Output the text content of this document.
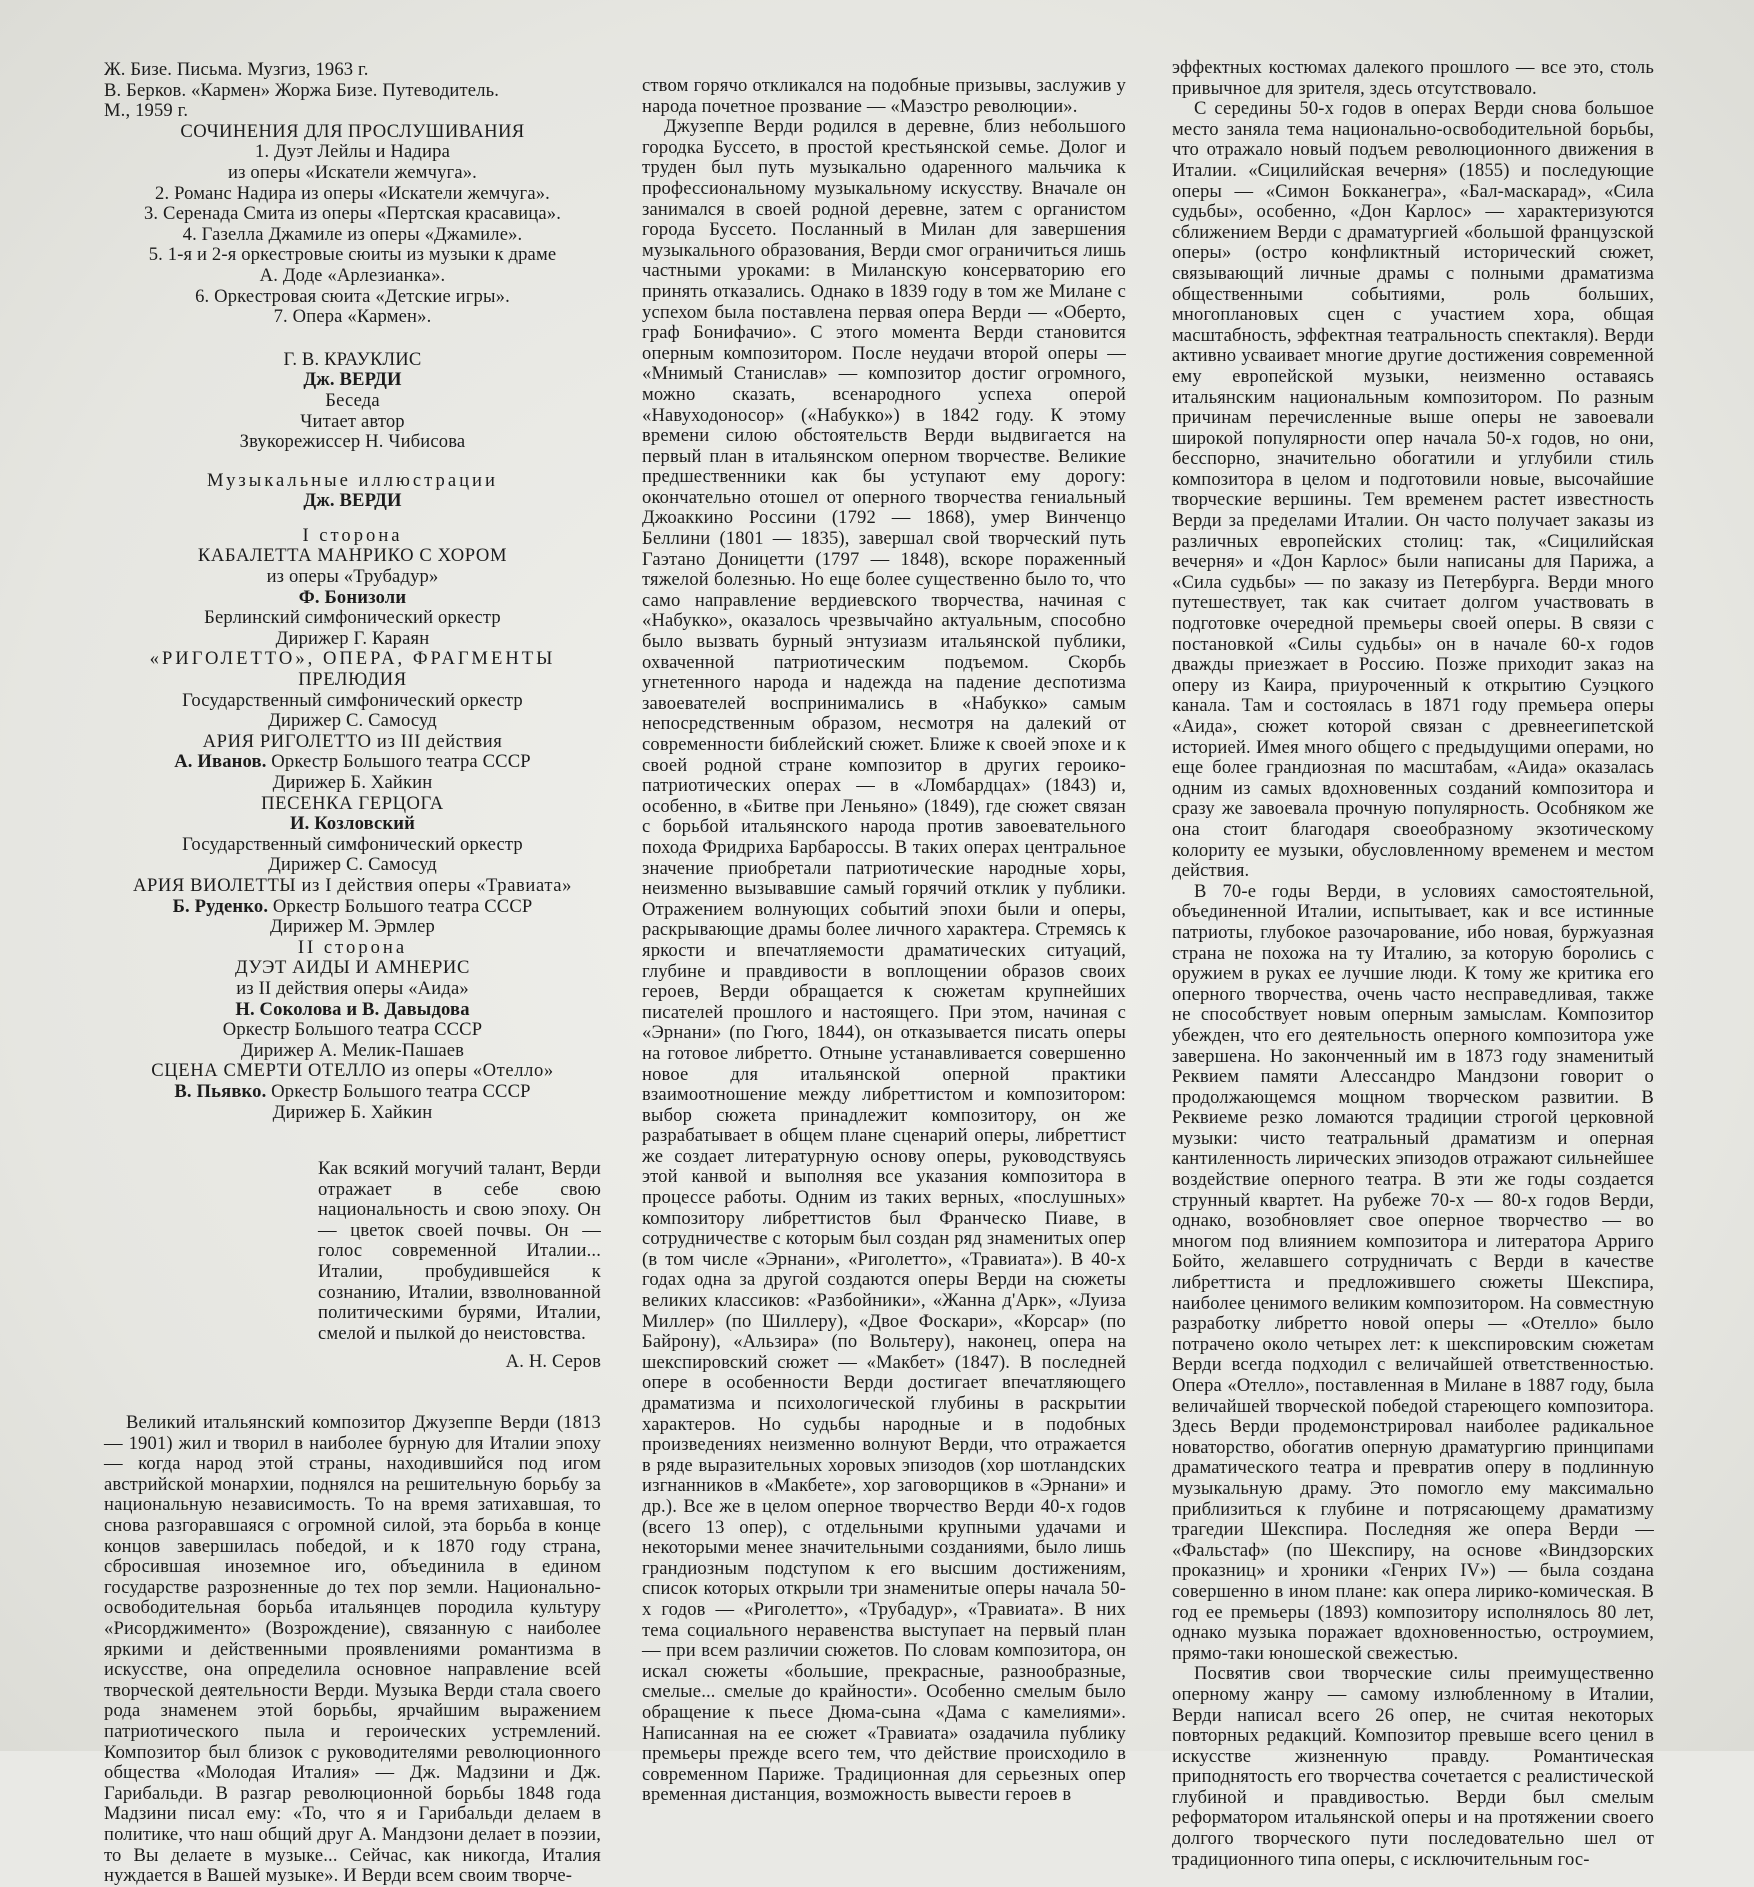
Ж. Бизе. Письма. Музгиз, 1963 г.
В. Берков. «Кармен» Жоржа Бизе. Путеводитель.
М., 1959 г.
СОЧИНЕНИЯ ДЛЯ ПРОСЛУШИВАНИЯ
1. Дуэт Лейлы и Надира
из оперы «Искатели жемчуга».
2. Романс Надира из оперы «Искатели жемчуга».
3. Серенада Смита из оперы «Пертская красавица».
4. Газелла Джамиле из оперы «Джамиле».
5. 1-я и 2-я оркестровые сюиты из музыки к драме
А. Доде «Арлезианка».
6. Оркестровая сюита «Детские игры».
7. Опера «Кармен».
Г. В. КРАУКЛИС
Дж. ВЕРДИ
Беседа
Читает автор
Звукорежиссер Н. Чибисова
Музыкальные иллюстрации
Дж. ВЕРДИ
I сторона
КАБАЛЕТТА МАНРИКО С ХОРОМ
из оперы «Трубадур»
Ф. Бонизоли
Берлинский симфонический оркестр
Дирижер Г. Караян
«РИГОЛЕТТО», ОПЕРА, ФРАГМЕНТЫ
ПРЕЛЮДИЯ
Государственный симфонический оркестр
Дирижер С. Самосуд
АРИЯ РИГОЛЕТТО из III действия
А. Иванов. Оркестр Большого театра СССР
Дирижер Б. Хайкин
ПЕСЕНКА ГЕРЦОГА
И. Козловский
Государственный симфонический оркестр
Дирижер С. Самосуд
АРИЯ ВИОЛЕТТЫ из I действия оперы «Травиата»
Б. Руденко. Оркестр Большого театра СССР
Дирижер М. Эрмлер
II сторона
ДУЭТ АИДЫ И АМНЕРИС
из II действия оперы «Аида»
Н. Соколова и В. Давыдова
Оркестр Большого театра СССР
Дирижер А. Мелик-Пашаев
СЦЕНА СМЕРТИ ОТЕЛЛО из оперы «Отелло»
В. Пьявко. Оркестр Большого театра СССР
Дирижер Б. Хайкин
Как всякий могучий талант, Верди отражает в себе свою национальность и свою эпоху. Он — цветок своей почвы. Он — голос современной Италии... Италии, пробудившейся к сознанию, Италии, взволнованной политическими бурями, Италии, смелой и пылкой до неистовства.
А. Н. Серов

Великий итальянский композитор Джузеппе Верди (1813 — 1901) жил и творил в наиболее бурную для Италии эпоху — когда народ этой страны, находившийся под игом австрийской монархии, поднялся на решительную борьбу за национальную независимость. То на время затихавшая, то снова разгоравшаяся с огромной силой, эта борьба в конце концов завершилась победой, и к 1870 году страна, сбросившая иноземное иго, объединила в едином государстве разрозненные до тех пор земли. Национально-освободительная борьба итальянцев породила культуру «Рисорджименто» (Возрождение), связанную с наиболее яркими и действенными проявлениями романтизма в искусстве, она определила основное направление всей творческой деятельности Верди. Музыка Верди стала своего рода знаменем этой борьбы, ярчайшим выражением патриотического пыла и героических устремлений. Композитор был близок с руководителями революционного общества «Молодая Италия» — Дж. Мадзини и Дж. Гарибальди. В разгар революционной борьбы 1848 года Мадзини писал ему: «То, что я и Гарибальди делаем в политике, что наш общий друг А. Мандзони делает в поэзии, то Вы делаете в музыке... Сейчас, как никогда, Италия нуждается в Вашей музыке». И Верди всем своим творче-

ством горячо откликался на подобные призывы, заслужив у народа почетное прозвание — «Маэстро революции».

Джузеппе Верди родился в деревне, близ небольшого городка Буссето, в простой крестьянской семье. Долог и труден был путь музыкально одаренного мальчика к профессиональному музыкальному искусству. Вначале он занимался в своей родной деревне, затем с органистом города Буссето. Посланный в Милан для завершения музыкального образования, Верди смог ограничиться лишь частными уроками: в Миланскую консерваторию его принять отказались. Однако в 1839 году в том же Милане с успехом была поставлена первая опера Верди — «Оберто, граф Бонифачио». С этого момента Верди становится оперным композитором. После неудачи второй оперы — «Мнимый Станислав» — композитор достиг огромного, можно сказать, всенародного успеха оперой «Навуходоносор» («Набукко») в 1842 году. К этому времени силою обстоятельств Верди выдвигается на первый план в итальянском оперном творчестве. Великие предшественники как бы уступают ему дорогу: окончательно отошел от оперного творчества гениальный Джоаккино Россини (1792 — 1868), умер Винченцо Беллини (1801 — 1835), завершал свой творческий путь Гаэтано Доницетти (1797 — 1848), вскоре пораженный тяжелой болезнью. Но еще более существенно было то, что само направление вердиевского творчества, начиная с «Набукко», оказалось чрезвычайно актуальным, способно было вызвать бурный энтузиазм итальянской публики, охваченной патриотическим подъемом. Скорбь угнетенного народа и надежда на падение деспотизма завоевателей воспринимались в «Набукко» самым непосредственным образом, несмотря на далекий от современности библейский сюжет. Ближе к своей эпохе и к своей родной стране композитор в других героико-патриотических операх — в «Ломбардцах» (1843) и, особенно, в «Битве при Леньяно» (1849), где сюжет связан с борьбой итальянского народа против завоевательного похода Фридриха Барбароссы. В таких операх центральное значение приобретали патриотические народные хоры, неизменно вызывавшие самый горячий отклик у публики. Отражением волнующих событий эпохи были и оперы, раскрывающие драмы более личного характера. Стремясь к яркости и впечатляемости драматических ситуаций, глубине и правдивости в воплощении образов своих героев, Верди обращается к сюжетам крупнейших писателей прошлого и настоящего. При этом, начиная с «Эрнани» (по Гюго, 1844), он отказывается писать оперы на готовое либретто. Отныне устанавливается совершенно новое для итальянской оперной практики взаимоотношение между либреттистом и композитором: выбор сюжета принадлежит композитору, он же разрабатывает в общем плане сценарий оперы, либреттист же создает литературную основу оперы, руководствуясь этой канвой и выполняя все указания композитора в процессе работы. Одним из таких верных, «послушных» композитору либреттистов был Франческо Пиаве, в сотрудничестве с которым был создан ряд знаменитых опер (в том числе «Эрнани», «Риголетто», «Травиата»). В 40-х годах одна за другой создаются оперы Верди на сюжеты великих классиков: «Разбойники», «Жанна д'Арк», «Луиза Миллер» (по Шиллеру), «Двое Фоскари», «Корсар» (по Байрону), «Альзира» (по Вольтеру), наконец, опера на шекспировский сюжет — «Макбет» (1847). В последней опере в особенности Верди достигает впечатляющего драматизма и психологической глубины в раскрытии характеров. Но судьбы народные и в подобных произведениях неизменно волнуют Верди, что отражается в ряде выразительных хоровых эпизодов (хор шотландских изгнанников в «Макбете», хор заговорщиков в «Эрнани» и др.). Все же в целом оперное творчество Верди 40-х годов (всего 13 опер), с отдельными крупными удачами и некоторыми менее значительными созданиями, было лишь грандиозным подступом к его высшим достижениям, список которых открыли три знаменитые оперы начала 50-х годов — «Риголетто», «Трубадур», «Травиата». В них тема социального неравенства выступает на первый план — при всем различии сюжетов. По словам композитора, он искал сюжеты «большие, прекрасные, разнообразные, смелые... смелые до крайности». Особенно смелым было обращение к пьесе Дюма-сына «Дама с камелиями». Написанная на ее сюжет «Травиата» озадачила публику премьеры прежде всего тем, что действие происходило в современном Париже. Традиционная для серьезных опер временная дистанция, возможность вывести героев в

эффектных костюмах далекого прошлого — все это, столь привычное для зрителя, здесь отсутствовало.

С середины 50-х годов в операх Верди снова большое место заняла тема национально-освободительной борьбы, что отражало новый подъем революционного движения в Италии. «Сицилийская вечерня» (1855) и последующие оперы — «Симон Бокканегра», «Бал-маскарад», «Сила судьбы», особенно, «Дон Карлос» — характеризуются сближением Верди с драматургией «большой французской оперы» (остро конфликтный исторический сюжет, связывающий личные драмы с полными драматизма общественными событиями, роль больших, многоплановых сцен с участием хора, общая масштабность, эффектная театральность спектакля). Верди активно усваивает многие другие достижения современной ему европейской музыки, неизменно оставаясь итальянским национальным композитором. По разным причинам перечисленные выше оперы не завоевали широкой популярности опер начала 50-х годов, но они, бесспорно, значительно обогатили и углубили стиль композитора в целом и подготовили новые, высочайшие творческие вершины. Тем временем растет известность Верди за пределами Италии. Он часто получает заказы из различных европейских столиц: так, «Сицилийская вечерня» и «Дон Карлос» были написаны для Парижа, а «Сила судьбы» — по заказу из Петербурга. Верди много путешествует, так как считает долгом участвовать в подготовке очередной премьеры своей оперы. В связи с постановкой «Силы судьбы» он в начале 60-х годов дважды приезжает в Россию. Позже приходит заказ на оперу из Каира, приуроченный к открытию Суэцкого канала. Там и состоялась в 1871 году премьера оперы «Аида», сюжет которой связан с древнеегипетской историей. Имея много общего с предыдущими операми, но еще более грандиозная по масштабам, «Аида» оказалась одним из самых вдохновенных созданий композитора и сразу же завоевала прочную популярность. Особняком же она стоит благодаря своеобразному экзотическому колориту ее музыки, обусловленному временем и местом действия.

В 70-е годы Верди, в условиях самостоятельной, объединенной Италии, испытывает, как и все истинные патриоты, глубокое разочарование, ибо новая, буржуазная страна не похожа на ту Италию, за которую боролись с оружием в руках ее лучшие люди. К тому же критика его оперного творчества, очень часто несправедливая, также не способствует новым оперным замыслам. Композитор убежден, что его деятельность оперного композитора уже завершена. Но законченный им в 1873 году знаменитый Реквием памяти Алессандро Мандзони говорит о продолжающемся мощном творческом развитии. В Реквиеме резко ломаются традиции строгой церковной музыки: чисто театральный драматизм и оперная кантиленность лирических эпизодов отражают сильнейшее воздействие оперного театра. В эти же годы создается струнный квартет. На рубеже 70-х — 80-х годов Верди, однако, возобновляет свое оперное творчество — во многом под влиянием композитора и литератора Арриго Бойто, желавшего сотрудничать с Верди в качестве либреттиста и предложившего сюжеты Шекспира, наиболее ценимого великим композитором. На совместную разработку либретто новой оперы — «Отелло» было потрачено около четырех лет: к шекспировским сюжетам Верди всегда подходил с величайшей ответственностью. Опера «Отелло», поставленная в Милане в 1887 году, была величайшей творческой победой стареющего композитора. Здесь Верди продемонстрировал наиболее радикальное новаторство, обогатив оперную драматургию принципами драматического театра и превратив оперу в подлинную музыкальную драму. Это помогло ему максимально приблизиться к глубине и потрясающему драматизму трагедии Шекспира. Последняя же опера Верди — «Фальстаф» (по Шекспиру, на основе «Виндзорских проказниц» и хроники «Генрих IV») — была создана совершенно в ином плане: как опера лирико-комическая. В год ее премьеры (1893) композитору исполнялось 80 лет, однако музыка поражает вдохновенностью, остроумием, прямо-таки юношеской свежестью.

Посвятив свои творческие силы преимущественно оперному жанру — самому излюбленному в Италии, Верди написал всего 26 опер, не считая некоторых повторных редакций. Композитор превыше всего ценил в искусстве жизненную правду. Романтическая приподнятость его творчества сочетается с реалистической глубиной и правдивостью. Верди был смелым реформатором итальянской оперы и на протяжении своего долгого творческого пути последовательно шел от традиционного типа оперы, с исключительным гос-
